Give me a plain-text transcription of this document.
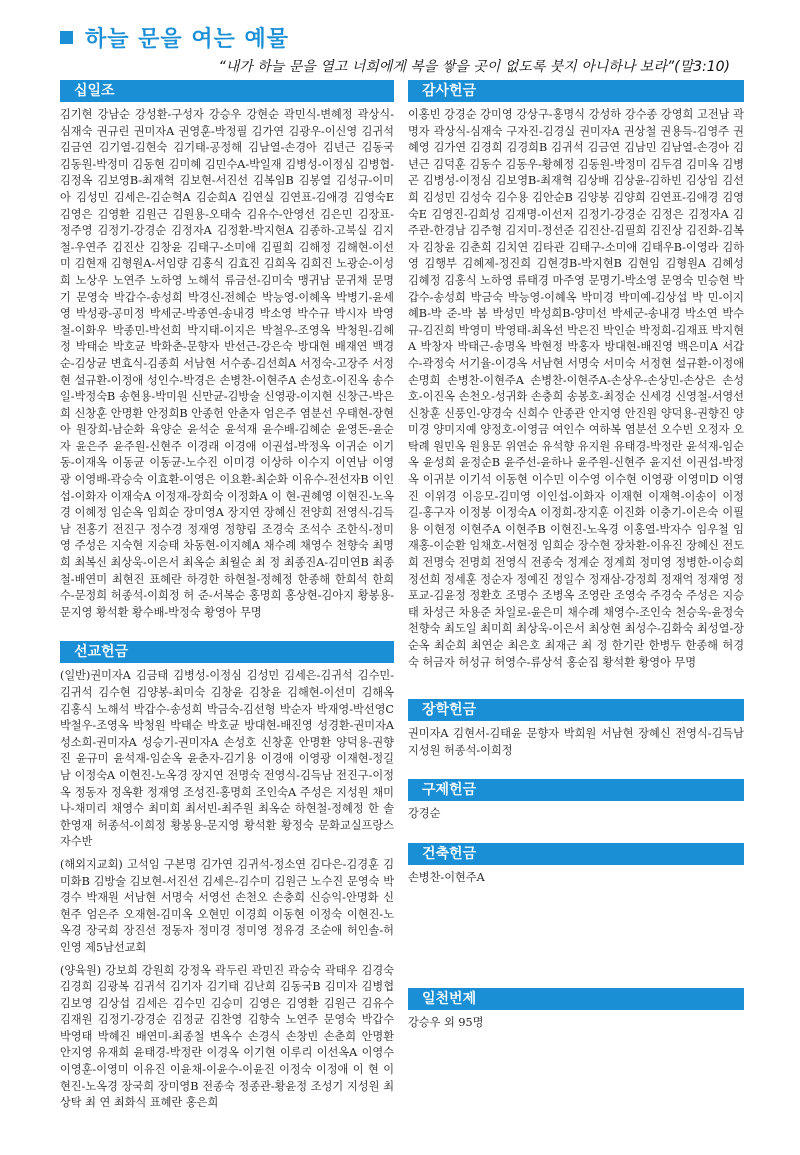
하늘 문을 여는 예물
“내가 하늘 문을 열고 너희에게 복을 쌓을 곳이 없도록 붓지 아니하나 보라”(말3:10)
십일조
김기현 강남순 강성환-구성자 강승우 강현순 곽민식-변혜정 곽상식-심재숙 권규린 권미자A 권영훈-박정필 김가연 김광우-이신영 김귀석 김금연 김기열-김현숙 김기태-공정해 김남열-손경아 김년근 김동국 김동원-박정미 김동현 김미혜 김민수A-박일재 김병성-이정심 김병협-김정옥 김보영B-최재혁 김보현-서진선 김복임B 김봉열 김성규-이미아 김성민 김세은-김순혁A 김순희A 김연실 김연표-김애경 김영숙E 김영은 김영환 김원근 김원용-오태숙 김유수-안영선 김은민 김장표-정주영 김정기-강경순 김정자A 김정환-박지현A 김종하-고북실 김지철-우연주 김진산 김창윤 김태구-소미애 김필희 김해정 김해현-이선미 김현재 김형원A-서임량 김홍식 김효진 김희옥 김희진 노광순-이성희 노상우 노연주 노하영 노해석 류금선-김미숙 맹귀남 문귀채 문명기 문영숙 박갑수-송성희 박경신-전혜순 박능영-이혜옥 박병기-윤세영 박성광-공미정 박세군-박종연-송내경 박소영 박수규 박시자 박영철-이화우 박종민-박선희 박지태-이지은 박철우-조영옥 박청원-김혜정 박태순 박호균 박화춘-문향자 반선근-강은숙 방대현 배재연 백경순-김상균 변효식-김종희 서남현 서수종-김선희A 서정숙-고장주 서정현 설규환-이정애 성인수-박경은 손병찬-이현주A 손성호-이진옥 송수일-박정숙B 송현용-박미원 신만균-김방술 신영광-이지현 신창근-박은희 신창훈 안명환 안정희B 안종헌 안춘자 엄은주 염분선 우태현-장현아 원장희-남순화 육양순 윤석순 윤석재 윤수배-김혜순 윤영돈-윤순자 윤은주 윤주원-신현주 이경래 이경애 이권섭-박정옥 이귀순 이기동-이재옥 이동균 이동균-노수진 이미경 이상하 이수지 이연남 이영광 이영배-곽승숙 이효환-이영은 이요환-최순화 이유수-전선자B 이인섭-이화자 이재숙A 이정재-장희숙 이정화A 이 현-권혜영 이현진-노옥경 이혜정 임순옥 임희순 장미영A 장지연 장혜신 전양희 전영식-김득남 전홍기 전진구 정수경 정재영 정향림 조경숙 조석수 조한식-정미영 주성은 지숙현 지승태 차동현-이지혜A 채수례 채영수 천향숙 최명희 최복신 최상욱-이은서 최옥순 최월순 최 정 최종진A-김미연B 최종철-배연미 최현진 표혜란 하경한 하현철-정혜정 한종해 한희석 한희수-문정희 허종석-이희정 허 준-서복순 홍명희 홍상현-김아지 황봉용-문지영 황석환 황수배-박정숙 황영아 무명
선교헌금
(일반)권미자A 김금태 김병성-이정심 김성민 김세은-김귀석 김수민-김귀석 김수현 김양봉-최미숙 김창윤 김창윤 김해현-이선미 김해옥 김홍식 노해석 박갑수-송성희 박금숙-김선형 박순자 박재영-박선영C 박철우-조영옥 박청원 박태순 박호균 방대현-배진영 성경환-권미자A 성소희-권미자A 성승기-권미자A 손성호 신창훈 안명환 양덕용-권향진 윤규미 윤석재-임순옥 윤춘자-김기용 이경애 이영광 이재현-정길남 이정숙A 이현진-노옥경 장지연 전명숙 전영식-김득남 전진구-이정옥 정동자 정옥환 정재영 조성진-홍명희 조인숙A 주성은 지성원 채미나-채미리 채영수 최미희 최서빈-최주원 최옥순 하현철-정혜정 한 솔 한영재 허종석-이희정 황봉용-문지영 황석환 황정숙 문화교실프랑스자수반
(해외지교회) 고석임 구본명 김가연 김귀석-정소연 김다은-김경훈 김미화B 김방술 김보현-서진선 김세은-김수미 김원근 노수진 문영숙 박경수 박재원 서남현 서명숙 서영선 손천오 손충희 신승익-안명화 신현주 엄은주 오재현-김미옥 오현민 이경희 이동현 이정숙 이현진-노옥경 장국희 장진선 정동자 정미경 정미영 정유경 조순애 허인솔-허인영 제5남선교회
(양육원) 강보희 강원희 강정옥 곽두린 곽민진 곽승숙 곽태우 김경숙 김경희 김광복 김귀석 김기자 김기태 김난희 김동국B 김미자 김병협 김보영 김상섭 김세은 김수민 김승미 김영은 김영환 김원근 김유수 김재원 김정기-강경순 김정균 김찬영 김향숙 노연주 문영숙 박갑수 박영태 박혜진 배연미-최종철 변옥수 손경식 손창빈 손춘희 안명환 안지영 유재희 윤태경-박정란 이경옥 이기현 이루리 이선옥A 이영수 이영훈-이영미 이유진 이윤채-이윤수-이윤진 이정숙 이정애 이 현 이현진-노옥경 장국희 장미영B 전종숙 정종관-황윤정 조성기 지성원 최상탁 최 연 최화식 표혜란 홍은희
감사헌금
이홍빈 강경순 강미영 강상구-홍명식 강성하 강수종 강영희 고전남 곽명자 곽상식-심재숙 구자진-김경실 권미자A 권상철 권용득-김영주 권혜영 김가연 김경희 김경희B 김귀석 김금연 김남민 김남열-손경아 김년근 김덕훈 김동수 김동우-황혜정 김동원-박정미 김두겸 김미옥 김병곤 김병성-이정심 김보영B-최재혁 김상배 김상윤-김하빈 김상임 김선희 김성민 김성숙 김수용 김안순B 김양봉 김양희 김연표-김애경 김영숙E 김영진-김희성 김재명-이선저 김정기-강경순 김정은 김정자A 김주관-한경남 김주형 김지미-정선준 김진산-김필희 김진상 김진화-김복자 김창윤 김춘희 김치연 김타관 김태구-소미애 김태우B-이영라 김하영 김행부 김혜제-정진희 김현경B-박지현B 김현임 김형원A 김혜성 김혜정 김홍식 노하영 류태경 마주영 문명기-박소영 문영숙 민승현 박갑수-송성희 박금숙 박능영-이혜옥 박미경 박미예-김상섭 박 민-이지혜B-박 준-박 봄 박성민 박성희B-양미선 박세군-송내경 박소연 박수규-김진희 박영미 박영태-최옥선 박은진 박인순 박정희-김재표 박지현A 박창자 박태근-송명옥 박현정 박홍자 방대현-배진영 백은미A 서갑수-곽정숙 서기율-이경옥 서남현 서명숙 서미숙 서정현 설규환-이정애 손명희 손병찬-이현주A 손병찬-이현주A-손상우-손상민-손상은 손성호-이진옥 손천오-성귀화 손충희 송봉호-최정순 신세경 신영철-서영선 신창훈 신풍인-양경숙 신희수 안종관 안지영 안진원 양덕용-권향진 양미경 양미지예 양정호-이영금 여인수 여하복 염분선 오수빈 오정자 오탁례 원민옥 원용문 위연순 유석향 유지원 유태경-박정란 윤석재-임순옥 윤성희 윤정순B 윤주선-윤하나 윤주원-신현주 윤지선 이권섭-박정옥 이귀분 이기석 이동현 이수민 이수영 이수현 이영광 이영미D 이영진 이위경 이응모-김미영 이인섭-이화자 이재현 이재혁-이송이 이정길-홍구자 이정봉 이정숙A 이정희-장지훈 이진화 이충기-이은숙 이필용 이현정 이현주A 이현주B 이현진-노옥경 이홍열-박자수 임우철 임재홍-이순환 임채호-서현정 임희순 장수현 장차환-이유진 장혜신 전도희 전명숙 전명희 전영식 전종숙 정계순 정계희 정미영 정병한-이승희 정선희 정세훈 정순자 정예진 정일수 정재삼-강정희 정재억 정재영 정포교-김윤정 정환호 조명수 조병옥 조영란 조영숙 주경숙 주성은 지승태 차성근 차용준 차일로-윤은미 채수례 채영수-조인숙 천승욱-윤정숙 천향숙 최도일 최미희 최상욱-이은서 최상현 최성수-김화숙 최성열-장순옥 최순희 최연순 최은호 최재근 최 정 한기란 한병두 한종해 허경숙 허금자 허성규 허영수-류상석 홍순집 황석환 황영아 무명
장학헌금
권미자A 김현서-김태윤 문향자 박희원 서남현 장혜신 전영식-김득남 지성원 허종석-이희정
구제헌금
강경순
건축헌금
손병찬-이현주A
일천번제
강승우 외 95명
